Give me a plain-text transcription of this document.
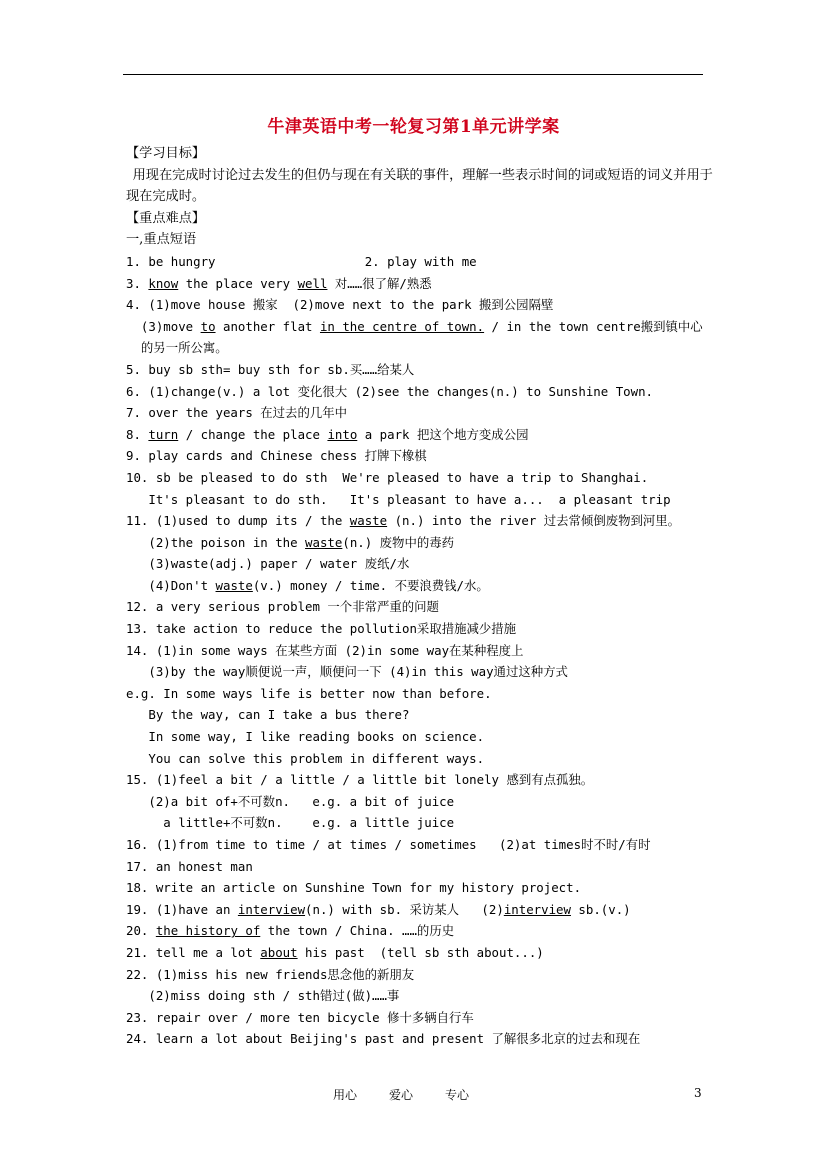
牛津英语中考一轮复习第1单元讲学案
【学习目标】
用现在完成时讨论过去发生的但仍与现在有关联的事件，理解一些表示时间的词或短语的词义并用于现在完成时。
【重点难点】
一,重点短语
1. be hungry                    2. play with me
3. know the place very well 对……很了解/熟悉
4. (1)move house 搬家  (2)move next to the park 搬到公园隔壁
(3)move to another flat in the centre of town. / in the town centre搬到镇中心
的另一所公寓。
5. buy sb sth= buy sth for sb.买……给某人
6. (1)change(v.) a lot 变化很大 (2)see the changes(n.) to Sunshine Town.
7. over the years 在过去的几年中
8. turn / change the place into a park 把这个地方变成公园
9. play cards and Chinese chess 打牌下橡棋
10. sb be pleased to do sth  We're pleased to have a trip to Shanghai.
It's pleasant to do sth.   It's pleasant to have a...  a pleasant trip
11. (1)used to dump its / the waste (n.) into the river 过去常倾倒废物到河里。
(2)the poison in the waste(n.) 废物中的毒药
(3)waste(adj.) paper / water 废纸/水
(4)Don't waste(v.) money / time. 不要浪费钱/水。
12. a very serious problem 一个非常严重的问题
13. take action to reduce the pollution采取措施减少措施
14. (1)in some ways 在某些方面 (2)in some way在某种程度上
(3)by the way顺便说一声，顺便问一下 (4)in this way通过这种方式
e.g. In some ways life is better now than before.
By the way, can I take a bus there?
In some way, I like reading books on science.
You can solve this problem in different ways.
15. (1)feel a bit / a little / a little bit lonely 感到有点孤独。
(2)a bit of+不可数n.   e.g. a bit of juice
a little+不可数n.    e.g. a little juice
16. (1)from time to time / at times / sometimes   (2)at times时不时/有时
17. an honest man
18. write an article on Sunshine Town for my history project.
19. (1)have an interview(n.) with sb. 采访某人   (2)interview sb.(v.)
20. the history of the town / China. ……的历史
21. tell me a lot about his past  (tell sb sth about...)
22. (1)miss his new friends思念他的新朋友
(2)miss doing sth / sth错过(做)……事
23. repair over / more ten bicycle 修十多辆自行车
24. learn a lot about Beijing's past and present 了解很多北京的过去和现在
用心	爱心	专心	3
